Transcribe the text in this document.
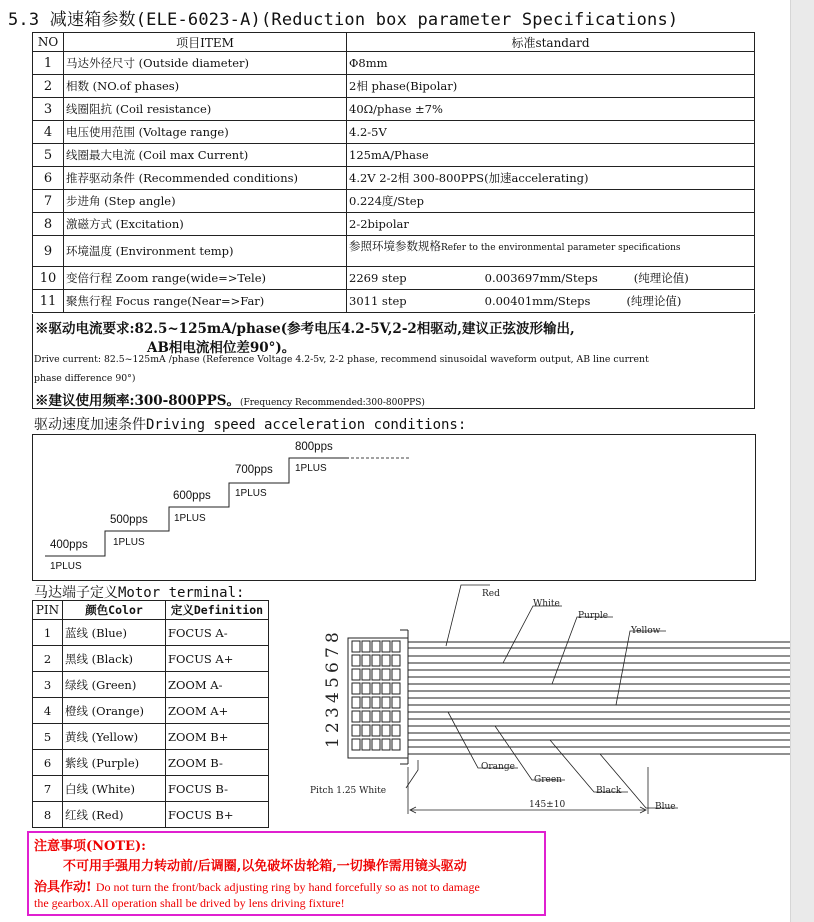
5.3 减速箱参数(ELE-6023-A)(Reduction box parameter Specifications)
NO	项目ITEM	标准standard
1	马达外径尺寸 (Outside diameter)	Φ8mm
2	相数 (NO.of phases)	2相 phase(Bipolar)
3	线圈阻抗 (Coil resistance)	40Ω/phase ±7%
4	电压使用范围 (Voltage range)	4.2-5V
5	线圈最大电流 (Coil max Current)	125mA/Phase
6	推荐驱动条件 (Recommended conditions)	4.2V 2-2相 300-800PPS(加速accelerating)
7	步进角 (Step angle)	0.224度/Step
8	激磁方式 (Excitation)	2-2bipolar
9	环境温度 (Environment temp)	参照环境参数规格Refer to the environmental parameter specifications
10	变倍行程 Zoom range(wide=>Tele)	2269 step 0.003697mm/Steps (纯理论值)
11	聚焦行程 Focus range(Near=>Far)	3011 step 0.00401mm/Steps (纯理论值)
※驱动电流要求:82.5~125mA/phase(参考电压4.2-5V,2-2相驱动,建议正弦波形输出,
AB相电流相位差90°)。
Drive current: 82.5~125mA /phase (Reference Voltage 4.2-5v, 2-2 phase, recommend sinusoidal waveform output, AB line current
phase difference 90°)
※建议使用频率:300-800PPS。(Frequency Recommended:300-800PPS)
驱动速度加速条件Driving speed acceleration conditions:
400pps
1PLUS
500pps
1PLUS
600pps
1PLUS
700pps
1PLUS
800pps
1PLUS
马达端子定义Motor terminal:
PIN	颜色Color	定义Definition
1	蓝线 (Blue)	FOCUS A-
2	黑线 (Black)	FOCUS A+
3	绿线 (Green)	ZOOM A-
4	橙线 (Orange)	ZOOM A+
5	黄线 (Yellow)	ZOOM B+
6	紫线 (Purple)	ZOOM B-
7	白线 (White)	FOCUS B-
8	红线 (Red)	FOCUS B+
1
2
3
4
5
6
7
8
Red
White
Purple
Yellow
Orange
Green
Black
Blue
Pitch 1.25 White
145±10
注意事项(NOTE):
不可用手强用力转动前/后调圈,以免破坏齿轮箱,一切操作需用镜头驱动
治具作动! Do not turn the front/back adjusting ring by hand forcefully so as not to damage
the gearbox.All operation shall be drived by lens driving fixture!
